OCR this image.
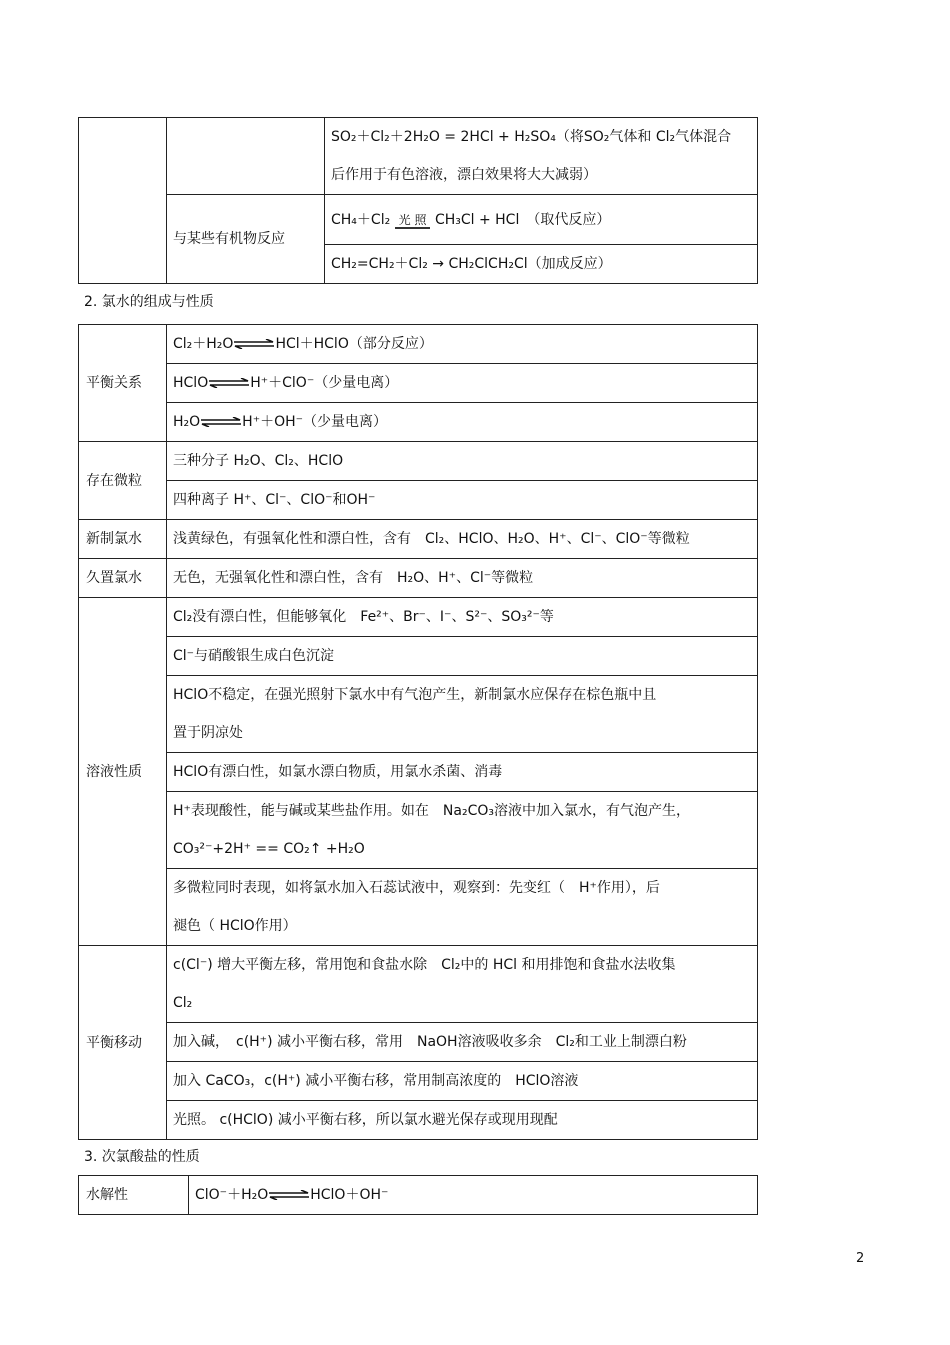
		SO₂＋Cl₂＋2H₂O = 2HCl + H₂SO₄（将SO₂气体和 Cl₂气体混合
后作用于有色溶液，漂白效果将大大减弱）

	与某些有机物反应	CH₄＋Cl₂ 光 照 CH₃Cl + HCl　（取代反应）
		CH₂=CH₂＋Cl₂ → CH₂ClCH₂Cl（加成反应）
2. 氯水的组成与性质
平衡关系	Cl₂＋H₂O⇌HCl＋HClO（部分反应）
	HClO⇌H⁺＋ClO⁻（少量电离）
	H₂O⇌H⁺＋OH⁻（少量电离）
存在微粒	三种分子 H₂O、Cl₂、HClO
	四种离子 H⁺、Cl⁻、ClO⁻和OH⁻
新制氯水	浅黄绿色，有强氧化性和漂白性，含有　Cl₂、HClO、H₂O、H⁺、Cl⁻、ClO⁻等微粒
久置氯水	无色，无强氧化性和漂白性，含有　H₂O、H⁺、Cl⁻等微粒
溶液性质	Cl₂没有漂白性，但能够氧化　Fe²⁺、Br⁻、I⁻、S²⁻、SO₃²⁻等
	Cl⁻与硝酸银生成白色沉淀

	HClO不稳定，在强光照射下氯水中有气泡产生，新制氯水应保存在棕色瓶中且
置于阴凉处

	HClO有漂白性，如氯水漂白物质，用氯水杀菌、消毒

	H⁺表现酸性，能与碱或某些盐作用。如在　Na₂CO₃溶液中加入氯水，有气泡产生，
CO₃²⁻+2H⁺ == CO₂↑ +H₂O

	多微粒同时表现，如将氯水加入石蕊试液中，观察到：先变红（　H⁺作用），后
褪色（ HClO作用）

平衡移动	c(Cl⁻) 增大平衡左移，常用饱和食盐水除　Cl₂中的 HCl 和用排饱和食盐水法收集
Cl₂

	加入碱，　c(H⁺) 减小平衡右移，常用　NaOH溶液吸收多余　Cl₂和工业上制漂白粉
	加入 CaCO₃，c(H⁺) 减小平衡右移，常用制高浓度的　HClO溶液
	光照。 c(HClO) 减小平衡右移，所以氯水避光保存或现用现配
3. 次氯酸盐的性质
水解性	ClO⁻＋H₂O⇌HClO＋OH⁻
2
